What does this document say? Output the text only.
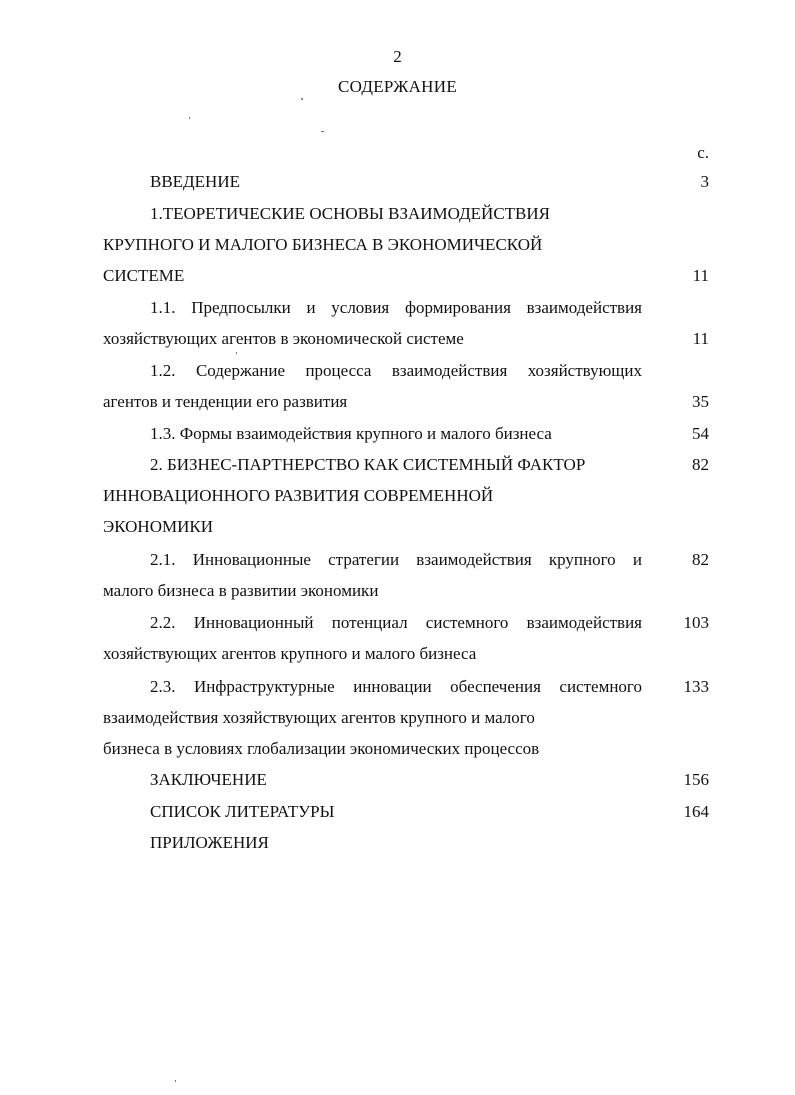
2
СОДЕРЖАНИЕ
с.
ВВЕДЕНИЕ	3
1.ТЕОРЕТИЧЕСКИЕ ОСНОВЫ ВЗАИМОДЕЙСТВИЯ
КРУПНОГО И МАЛОГО БИЗНЕСА В ЭКОНОМИЧЕСКОЙ
СИСТЕМЕ	11
1.1. Предпосылки и условия формирования взаимодействия
хозяйствующих агентов в экономической системе	11
1.2. Содержание процесса взаимодействия хозяйствующих
агентов и тенденции его развития	35
1.3. Формы взаимодействия крупного и малого бизнеса	54
2. БИЗНЕС-ПАРТНЕРСТВО КАК СИСТЕМНЫЙ ФАКТОР	82
ИННОВАЦИОННОГО РАЗВИТИЯ СОВРЕМЕННОЙ
ЭКОНОМИКИ
2.1. Инновационные стратегии взаимодействия крупного и	82
малого бизнеса в развитии экономики
2.2. Инновационный потенциал системного взаимодействия 103
хозяйствующих агентов крупного и малого бизнеса
2.3. Инфраструктурные инновации обеспечения системного 133
взаимодействия хозяйствующих агентов крупного и малого
бизнеса в условиях глобализации экономических процессов
ЗАКЛЮЧЕНИЕ	156
СПИСОК ЛИТЕРАТУРЫ	164
ПРИЛОЖЕНИЯ
